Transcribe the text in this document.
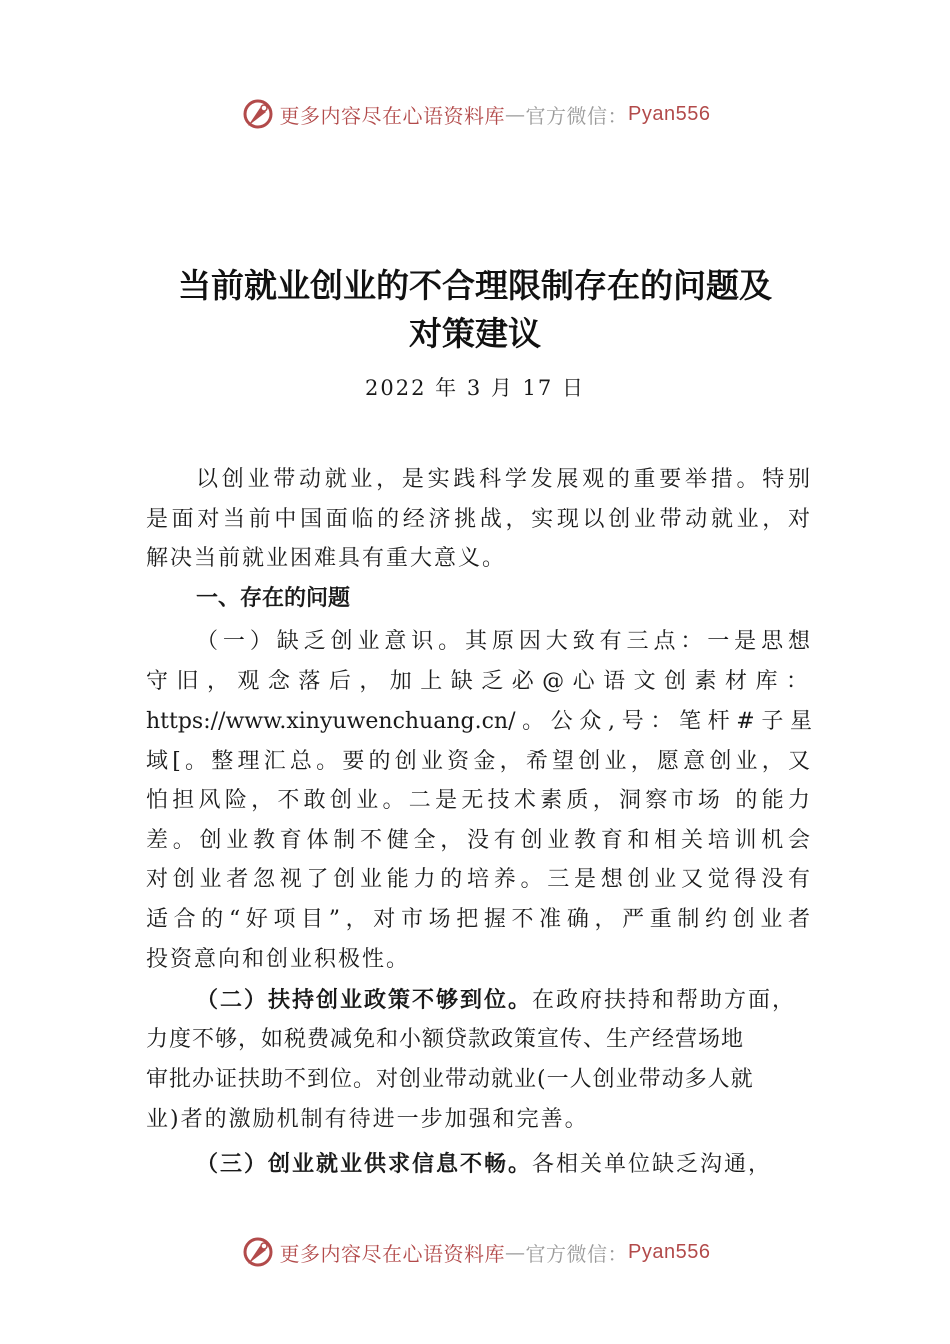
更多内容尽在心语资料库 — 官方微信： Pyan556
当前就业创业的不合理限制存在的问题及
对策建议
2022 年 3 月 17 日
以创业带动就业，是实践科学发展观的重要举措。特别
是面对当前中国面临的经济挑战，实现以创业带动就业，对
解决当前就业困难具有重大意义。
一、存在的问题
（一）缺乏创业意识。其原因大致有三点：一是思想
守旧，观念落后，加上缺乏必@心语文创素材库：
https://www.xinyuwenchuang.cn/。公众,号：笔杆#子星
域[。整理汇总。要的创业资金，希望创业，愿意创业，又
怕担风险，不敢创业。二是无技术素质，洞察市场 的能力
差。创业教育体制不健全，没有创业教育和相关培训机会
对创业者忽视了创业能力的培养。三是想创业又觉得没有
适合的“好项目”，对市场把握不准确，严重制约创业者
投资意向和创业积极性。
（二）扶持创业政策不够到位。在政府扶持和帮助方面，
力度不够，如税费减免和小额贷款政策宣传、生产经营场地
审批办证扶助不到位。对创业带动就业(一人创业带动多人就
业)者的激励机制有待进一步加强和完善。
（三）创业就业供求信息不畅。各相关单位缺乏沟通，
更多内容尽在心语资料库 — 官方微信： Pyan556
